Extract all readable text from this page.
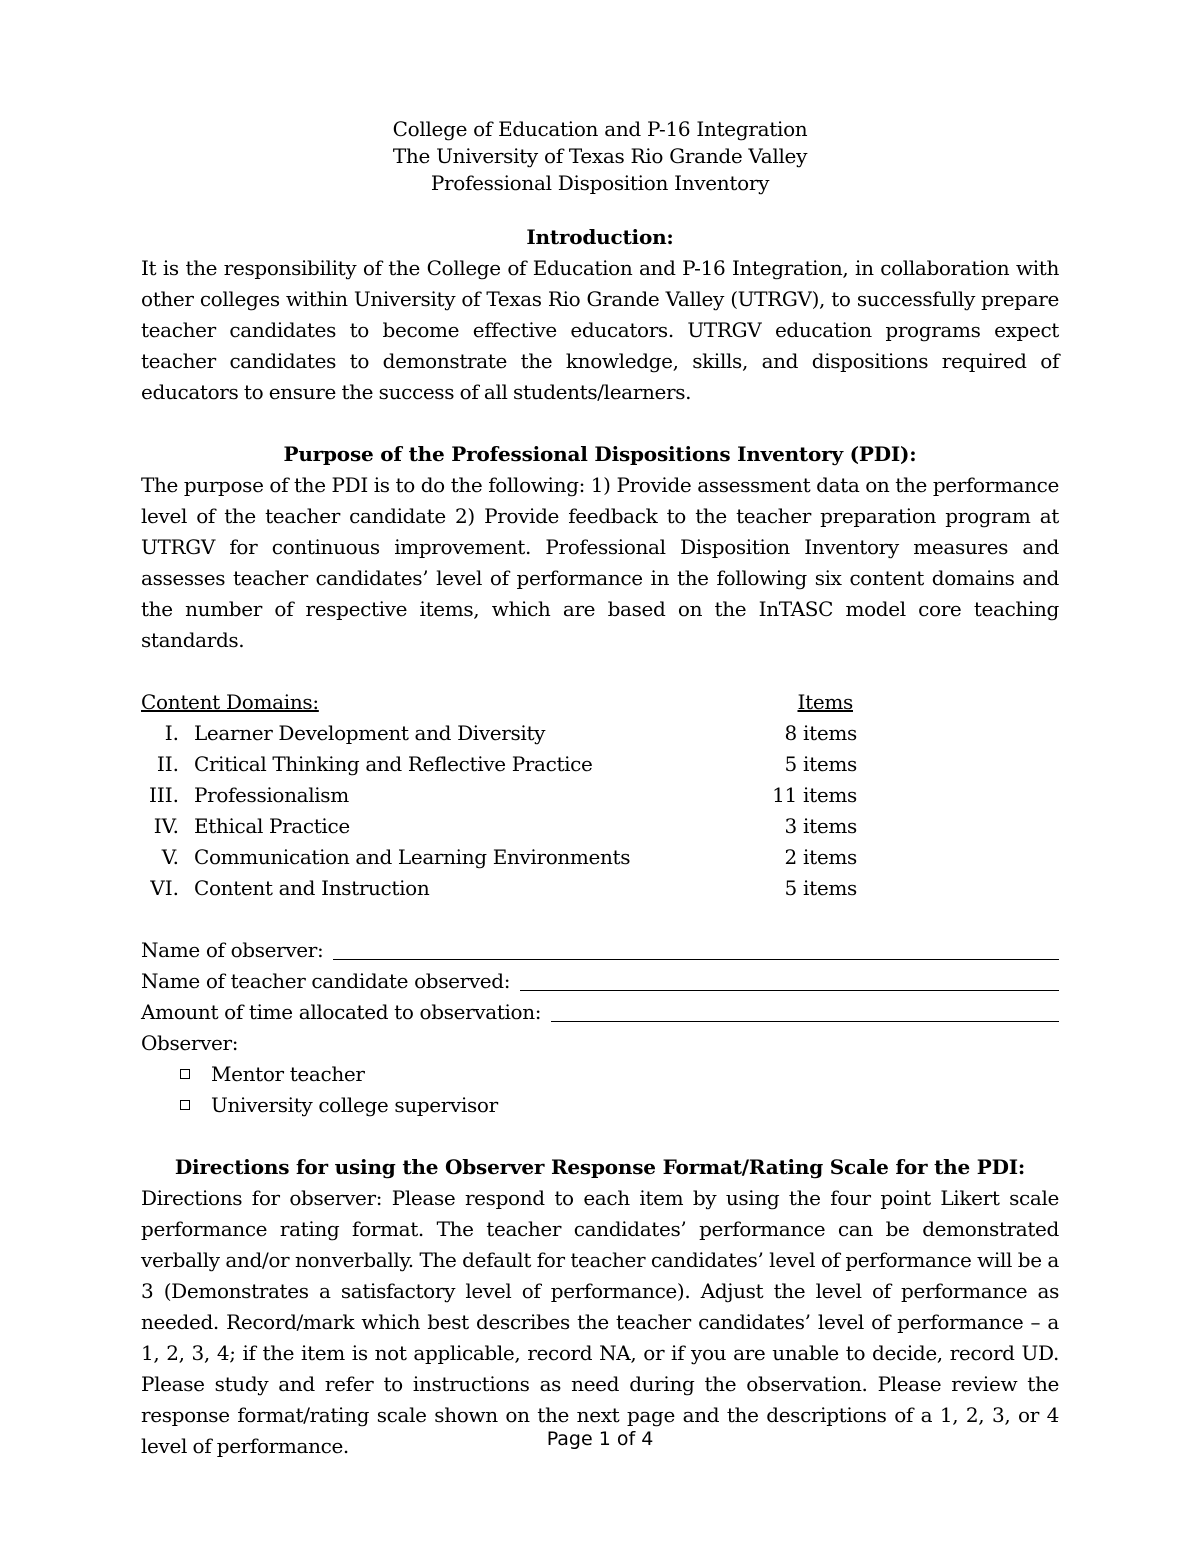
College of Education and P-16 Integration
The University of Texas Rio Grande Valley
Professional Disposition Inventory
Introduction:
It is the responsibility of the College of Education and P-16 Integration, in collaboration with other colleges within University of Texas Rio Grande Valley (UTRGV), to successfully prepare teacher candidates to become effective educators. UTRGV education programs expect teacher candidates to demonstrate the knowledge, skills, and dispositions required of educators to ensure the success of all students/learners.
Purpose of the Professional Dispositions Inventory (PDI):
The purpose of the PDI is to do the following: 1) Provide assessment data on the performance level of the teacher candidate 2) Provide feedback to the teacher preparation program at UTRGV for continuous improvement. Professional Disposition Inventory measures and assesses teacher candidates’ level of performance in the following six content domains and the number of respective items, which are based on the InTASC model core teaching standards.
Content Domains:	Items
I. Learner Development and Diversity	8 items
II. Critical Thinking and Reflective Practice	5 items
III. Professionalism	11 items
IV. Ethical Practice	3 items
V. Communication and Learning Environments	2 items
VI. Content and Instruction	5 items
Name of observer:
Name of teacher candidate observed:
Amount of time allocated to observation:
Observer:
Mentor teacher
University college supervisor
Directions for using the Observer Response Format/Rating Scale for the PDI:
Directions for observer: Please respond to each item by using the four point Likert scale performance rating format. The teacher candidates’ performance can be demonstrated verbally and/or nonverbally. The default for teacher candidates’ level of performance will be a 3 (Demonstrates a satisfactory level of performance). Adjust the level of performance as needed. Record/mark which best describes the teacher candidates’ level of performance – a 1, 2, 3, 4; if the item is not applicable, record NA, or if you are unable to decide, record UD. Please study and refer to instructions as need during the observation. Please review the response format/rating scale shown on the next page and the descriptions of a 1, 2, 3, or 4 level of performance.	Page 1 of 4
